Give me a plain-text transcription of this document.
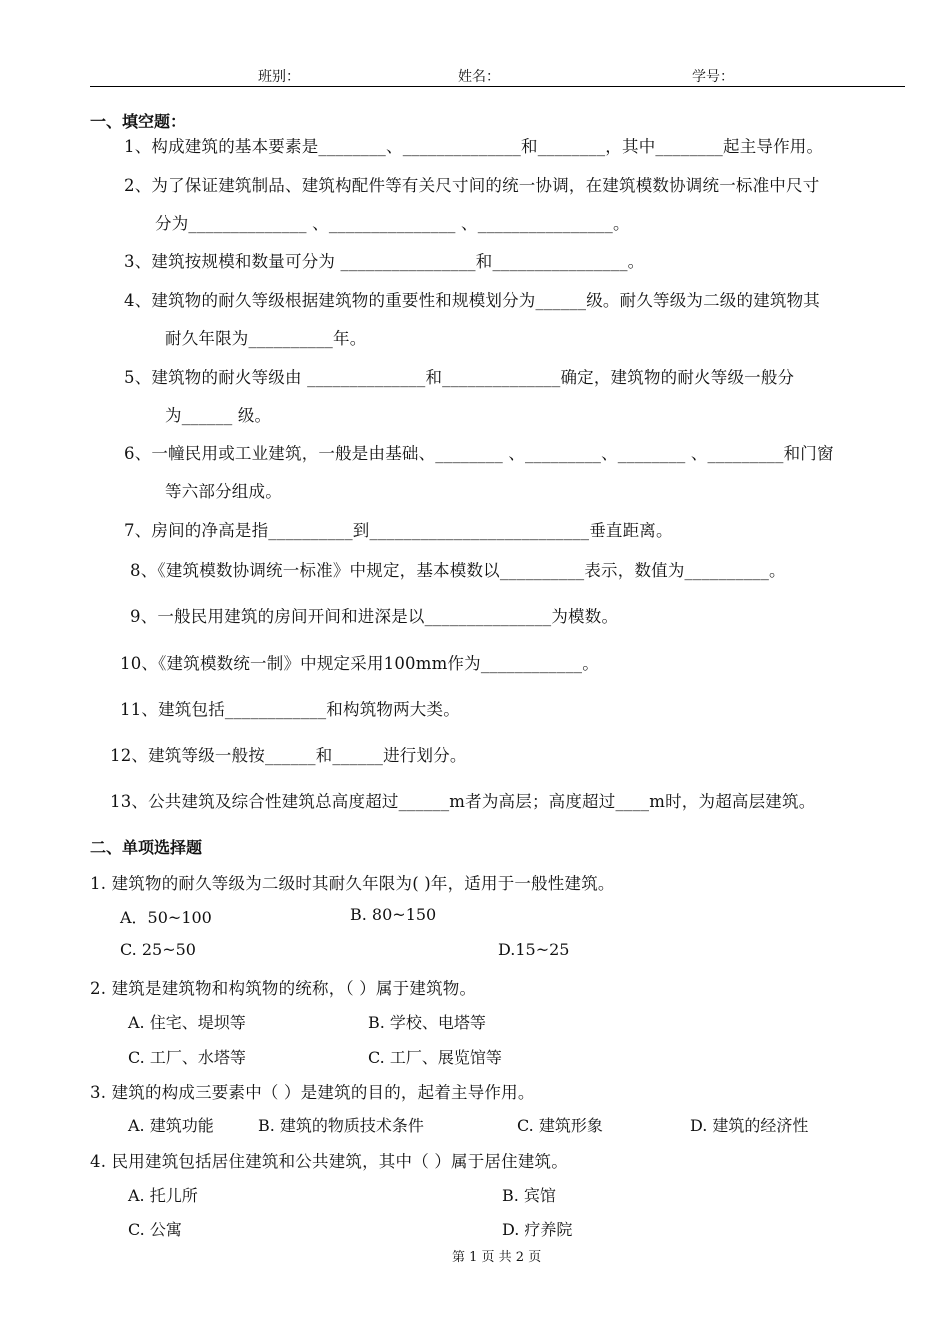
班别：	姓名：	学号：
一、填空题：
1、构成建筑的基本要素是________、______________和________，其中________起主导作用。
2、为了保证建筑制品、建筑构配件等有关尺寸间的统一协调，在建筑模数协调统一标准中尺寸
分为______________ 、_______________ 、________________。
3、建筑按规模和数量可分为 ________________和________________。
4、建筑物的耐久等级根据建筑物的重要性和规模划分为______级。耐久等级为二级的建筑物其
耐久年限为__________年。
5、建筑物的耐火等级由 ______________和______________确定，建筑物的耐火等级一般分
为______ 级。
6、一幢民用或工业建筑，一般是由基础、________ 、_________、________ 、_________和门窗
等六部分组成。
7、房间的净高是指__________到__________________________垂直距离。
8、《建筑模数协调统一标准》中规定，基本模数以__________表示，数值为__________。
9、一般民用建筑的房间开间和进深是以_______________为模数。
10、《建筑模数统一制》中规定采用100mm作为____________。
11、建筑包括____________和构筑物两大类。
12、建筑等级一般按______和______进行划分。
13、公共建筑及综合性建筑总高度超过______m者为高层；高度超过____m时，为超高层建筑。
二、单项选择题
1. 建筑物的耐久等级为二级时其耐久年限为( )年，适用于一般性建筑。
A．50~100	B. 80~150
C. 25~50	D.15~25
2. 建筑是建筑物和构筑物的统称，（ ）属于建筑物。
A. 住宅、堤坝等	B. 学校、电塔等
C. 工厂、水塔等	C. 工厂、展览馆等
3. 建筑的构成三要素中（ ）是建筑的目的，起着主导作用。
A. 建筑功能	B. 建筑的物质技术条件	C. 建筑形象	D. 建筑的经济性
4. 民用建筑包括居住建筑和公共建筑，其中（ ）属于居住建筑。
A. 托儿所	B. 宾馆
C. 公寓	D. 疗养院
第 1 页 共 2 页
